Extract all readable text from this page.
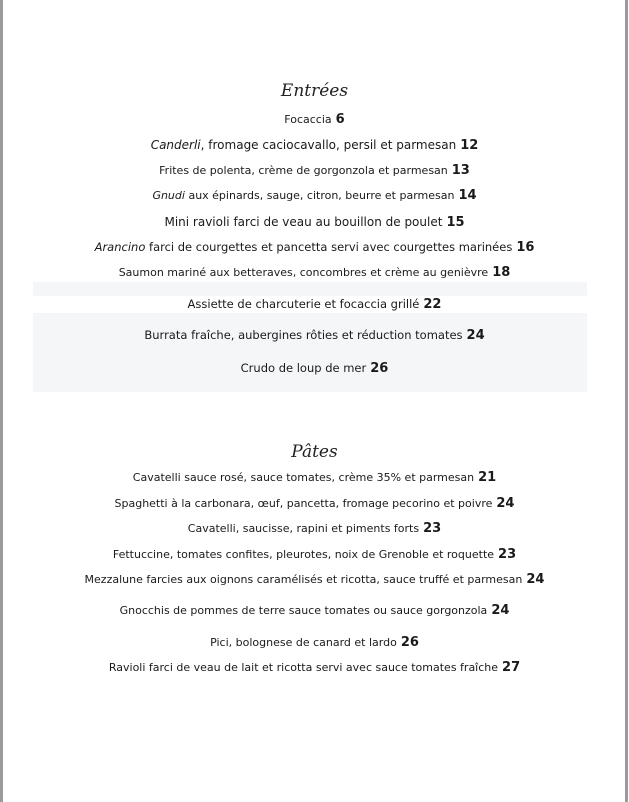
Entrées
Focaccia 6
Canderli, fromage caciocavallo, persil et parmesan 12
Frites de polenta, crème de gorgonzola et parmesan 13
Gnudi aux épinards, sauge, citron, beurre et parmesan 14
Mini ravioli farci de veau au bouillon de poulet 15
Arancino farci de courgettes et pancetta servi avec courgettes marinées 16
Saumon mariné aux betteraves, concombres et crème au genièvre 18
Assiette de charcuterie et focaccia grillé 22
Burrata fraîche, aubergines rôties et réduction tomates 24
Crudo de loup de mer 26
Pâtes
Cavatelli sauce rosé, sauce tomates, crème 35% et parmesan 21
Spaghetti à la carbonara, œuf, pancetta, fromage pecorino et poivre 24
Cavatelli, saucisse, rapini et piments forts 23
Fettuccine, tomates confites, pleurotes, noix de Grenoble et roquette 23
Mezzalune farcies aux oignons caramélisés et ricotta, sauce truffé et parmesan 24
Gnocchis de pommes de terre sauce tomates ou sauce gorgonzola 24
Pici, bolognese de canard et lardo 26
Ravioli farci de veau de lait et ricotta servi avec sauce tomates fraîche 27
